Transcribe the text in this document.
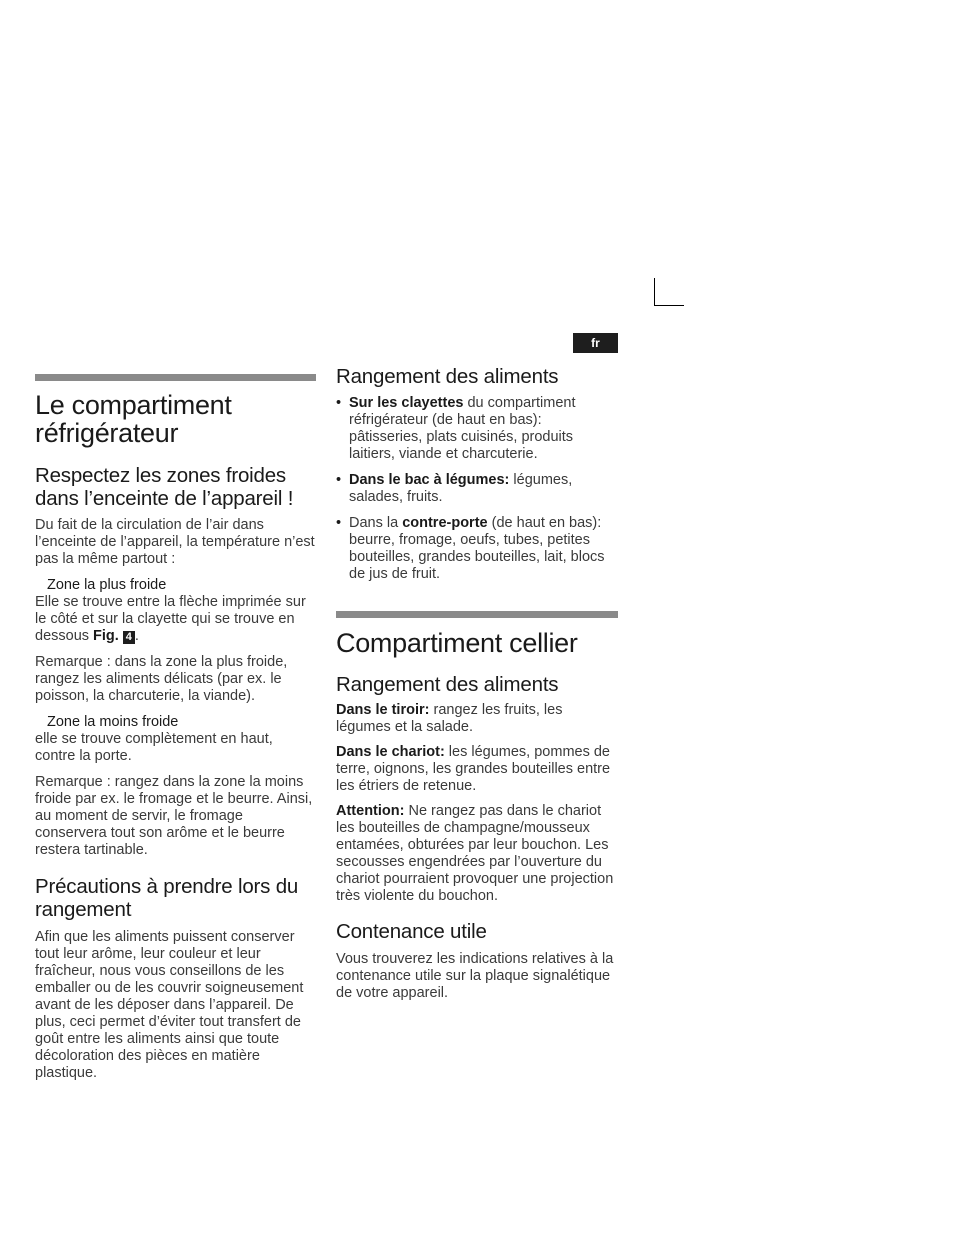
fr
Le compartiment réfrigérateur
Respectez les zones froides dans l’enceinte de l’appareil !

Du fait de la circulation de l’air dans l’enceinte de l’appareil, la température n’est pas la même partout :

Zone la plus froide

Elle se trouve entre la flèche imprimée sur le côté et sur la clayette qui se trouve en dessous Fig. 4 .

Remarque : dans la zone la plus froide, rangez les aliments délicats (par ex. le poisson, la charcuterie, la viande).

Zone la moins froide

elle se trouve complètement en haut, contre la porte.

Remarque : rangez dans la zone la moins froide par ex. le fromage et le beurre. Ainsi, au moment de servir, le fromage conservera tout son arôme et le beurre restera tartinable.

Précautions à prendre lors du rangement

Afin que les aliments puissent conserver tout leur arôme, leur couleur et leur fraîcheur, nous vous conseillons de les emballer ou de les couvrir soigneusement avant de les déposer dans l’appareil. De plus, ceci permet d’éviter tout transfert de goût entre les aliments ainsi que toute décoloration des pièces en matière plastique.

Rangement des aliments
• Sur les clayettes du compartiment réfrigérateur (de haut en bas): pâtisseries, plats cuisinés, produits laitiers, viande et charcuterie.
• Dans le bac à légumes: légumes, salades, fruits.
• Dans la contre-porte (de haut en bas): beurre, fromage, oeufs, tubes, petites bouteilles, grandes bouteilles, lait, blocs de jus de fruit.
Compartiment cellier
Rangement des aliments

Dans le tiroir: rangez les fruits, les légumes et la salade.

Dans le chariot: les légumes, pommes de terre, oignons, les grandes bouteilles entre les étriers de retenue.

Attention: Ne rangez pas dans le chariot les bouteilles de champagne/mousseux entamées, obturées par leur bouchon. Les secousses engendrées par l’ouverture du chariot pourraient provoquer une projection très violente du bouchon.

Contenance utile

Vous trouverez les indications relatives à la contenance utile sur la plaque signalétique de votre appareil.
